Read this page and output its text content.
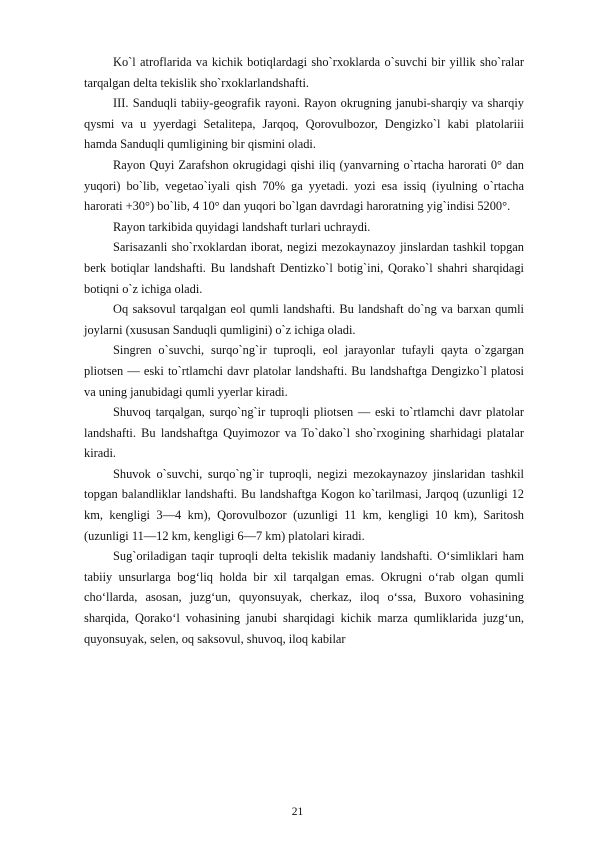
Ko`l atroflarida va kichik botiqlardagi sho`rxoklarda o`suvchi bir yillik sho`ralar tarqalgan delta tekislik sho`rxoklarlandshafti.

III. Sanduqli tabiiy-geografik rayoni. Rayon okrugning janubi-sharqiy va sharqiy qysmi va u yyerdagi Setalitepa, Jarqoq, Qorovulbozor, Dengizko`l kabi platolariii hamda Sanduqli qumligining bir qismini oladi.

Rayon Quyi Zarafshon okrugidagi qishi iliq (yanvarning o`rtacha harorati 0° dan yuqori) bo`lib, vegetao`iyali qish 70% ga yyetadi. yozi esa issiq (iyulning o`rtacha harorati +30°) bo`lib, 4 10° dan yuqori bo`lgan davrdagi haroratning yig`indisi 5200°.

Rayon tarkibida quyidagi landshaft turlari uchraydi.

Sarisazanli sho`rxoklardan iborat, negizi mezokaynazoy jinslardan tashkil topgan berk botiqlar landshafti. Bu landshaft Dentizko`l botig`ini, Qorako`l shahri sharqidagi botiqni o`z ichiga oladi.

Oq saksovul tarqalgan eol qumli landshafti. Bu landshaft do`ng va barxan qumli joylarni (xususan Sanduqli qumligini) o`z ichiga oladi.

Singren o`suvchi, surqo`ng`ir tuproqli, eol jarayonlar tufayli qayta o`zgargan pliotsen — eski to`rtlamchi davr platolar landshafti. Bu landshaftga Dengizko`l platosi va uning janubidagi qumli yyerlar kiradi.

Shuvoq tarqalgan, surqo`ng`ir tuproqli pliotsen — eski to`rtlamchi davr platolar landshafti. Bu landshaftga Quyimozor va To`dako`l sho`rxogining sharhidagi platalar kiradi.

Shuvok o`suvchi, surqo`ng`ir tuproqli, negizi mezokaynazoy jinslaridan tashkil topgan balandliklar landshafti. Bu landshaftga Kogon ko`tarilmasi, Jarqoq (uzunligi 12 km, kengligi 3—4 km), Qorovulbozor (uzunligi 11 km, kengligi 10 km), Saritosh (uzunligi 11—12 km, kengligi 6—7 km) platolari kiradi.

Sug`oriladigan taqir tuproqli delta tekislik madaniy landshafti. O‘simliklari ham tabiiy unsurlarga bog‘liq holda bir xil tarqalgan emas. Okrugni o‘rab olgan qumli cho‘llarda, asosan, juzg‘un, quyonsuyak, cherkaz, iloq o‘ssa, Buxoro vohasining sharqida, Qorako‘l vohasining janubi sharqidagi kichik marza qumliklarida juzg‘un, quyonsuyak, selen, oq saksovul, shuvoq, iloq kabilar

21
